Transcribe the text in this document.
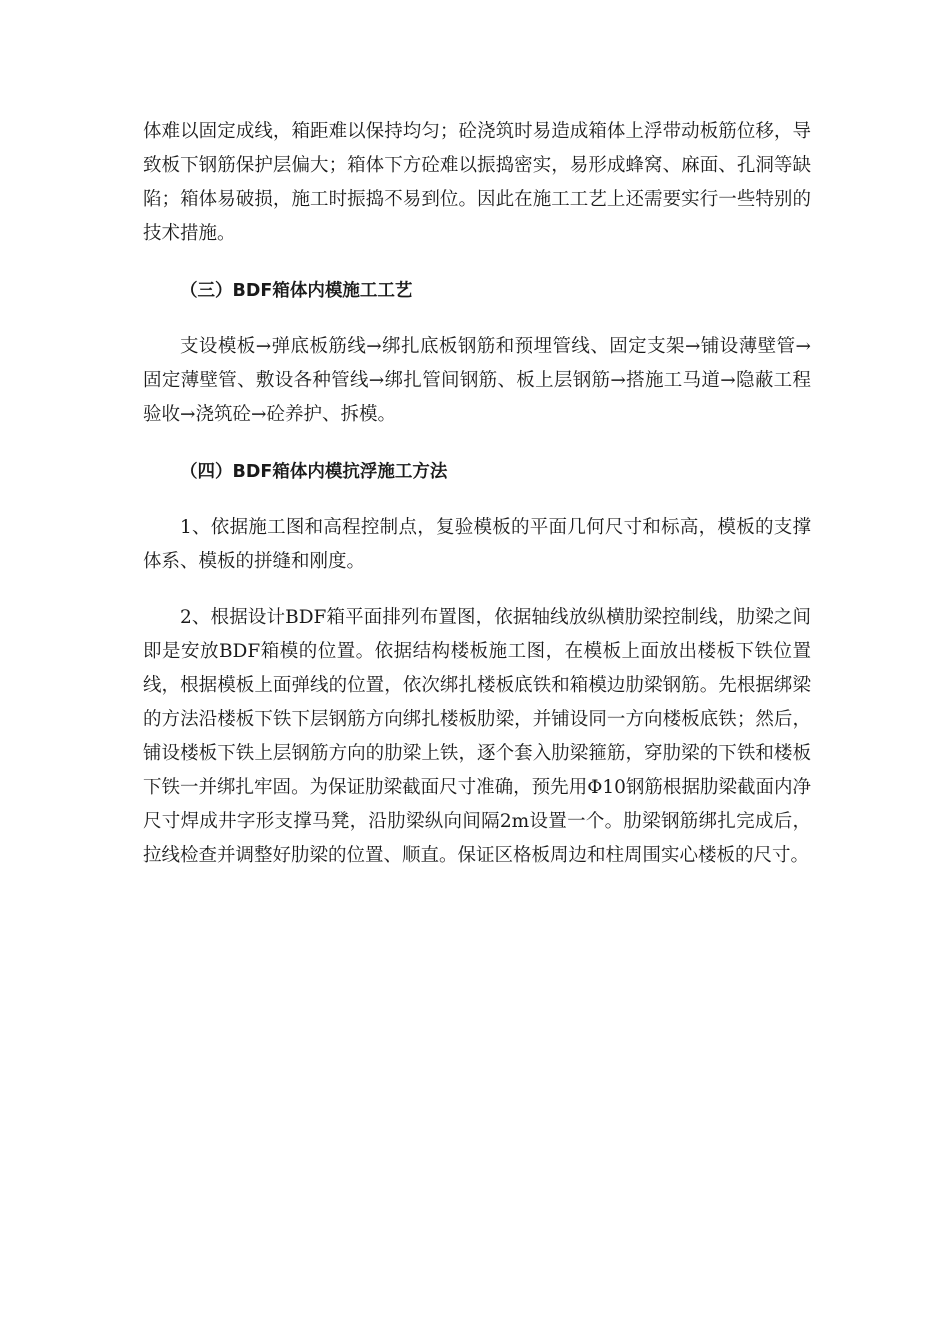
体难以固定成线，箱距难以保持均匀；砼浇筑时易造成箱体上浮带动板筋位移，导致板下钢筋保护层偏大；箱体下方砼难以振捣密实，易形成蜂窝、麻面、孔洞等缺陷；箱体易破损，施工时振捣不易到位。因此在施工工艺上还需要实行一些特别的技术措施。

（三）BDF箱体内模施工工艺

支设模板→弹底板筋线→绑扎底板钢筋和预埋管线、固定支架→铺设薄壁管→ 固定薄壁管、敷设各种管线→绑扎管间钢筋、板上层钢筋→搭施工马道→隐蔽工程验收→浇筑砼→砼养护、拆模。

（四）BDF箱体内模抗浮施工方法

1、依据施工图和高程控制点，复验模板的平面几何尺寸和标高，模板的支撑体系、模板的拼缝和刚度。

2、根据设计BDF箱平面排列布置图，依据轴线放纵横肋梁控制线，肋梁之间即是安放BDF箱模的位置。依据结构楼板施工图，在模板上面放出楼板下铁位置线，根据模板上面弹线的位置，依次绑扎楼板底铁和箱模边肋梁钢筋。先根据绑梁的方法沿楼板下铁下层钢筋方向绑扎楼板肋梁，并铺设同一方向楼板底铁；然后，铺设楼板下铁上层钢筋方向的肋梁上铁，逐个套入肋梁箍筋，穿肋梁的下铁和楼板下铁一并绑扎牢固。为保证肋梁截面尺寸准确，预先用Φ10钢筋根据肋梁截面内净尺寸焊成井字形支撑马凳，沿肋梁纵向间隔2m设置一个。肋梁钢筋绑扎完成后，拉线检查并调整好肋梁的位置、顺直。保证区格板周边和柱周围实心楼板的尺寸。
